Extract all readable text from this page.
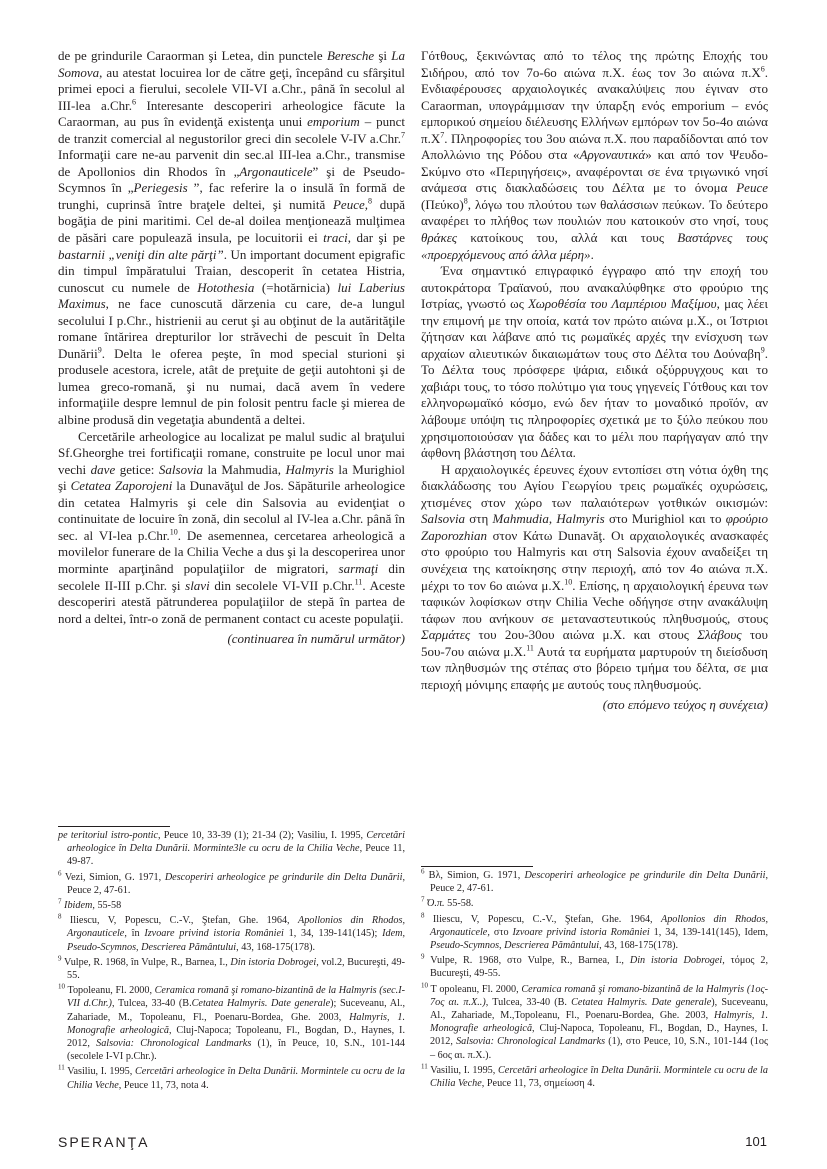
de pe grindurile Caraorman şi Letea, din punctele Beresche şi La Somova, au atestat locuirea lor de către geţi, începând cu sfârşitul primei epoci a fierului, secolele VII-VI a.Chr., până în secolul al III-lea a.Chr.$^6$ Interesante descoperiri arheologice făcute la Caraorman, au pus în evidenţă existenţa unui emporium – punct de tranzit comercial al negustorilor greci din secolele V-IV a.Chr.$^7$ Informaţii care ne-au parvenit din sec.al III-lea a.Chr., transmise de Apollonios din Rhodos în „Argonauticele” şi de Pseudo-Scymnos în „Periegesis ”, fac referire la o insulă în formă de trunghi, cuprinsă între braţele deltei, şi numită Peuce,$^8$ după bogăţia de pini maritimi. Cel de-al doilea menţionează mulţimea de păsări care populează insula, pe locuitorii ei traci, dar şi pe bastarnii „veniţi din alte părţi”. Un important document epigrafic din timpul împăratului Traian, descoperit în cetatea Histria, cunoscut cu numele de Hotothesia (=hotărnicia) lui Laberius Maximus, ne face cunoscută dărzenia cu care, de-a lungul secolului I p.Chr., histrienii au cerut şi au obţinut de la autărităţile romane întărirea drepturilor lor străvechi de pescuit în Delta Dunării$^9$. Delta le oferea peşte, în mod special sturioni şi produsele acestora, icrele, atât de preţuite de geţii autohtoni şi de lumea greco-romană, şi nu numai, dacă avem în vedere informaţiile despre lemnul de pin folosit pentru facle şi mierea de albine produsă din vegetaţia abundentă a deltei.

Cercetările arheologice au localizat pe malul sudic al braţului Sf.Gheorghe trei fortificaţii romane, construite pe locul unor mai vechi dave getice: Salsovia la Mahmudia, Halmyris la Murighiol şi Cetatea Zaporojeni la Dunavăţul de Jos. Săpăturile arheologice din cetatea Halmyris şi cele din Salsovia au evidenţiat o continuitate de locuire în zonă, din secolul al IV-lea a.Chr. până în sec. al VI-lea p.Chr.$^{10}$. De asemennea, cercetarea arheologică a movilelor funerare de la Chilia Veche a dus şi la descoperirea unor morminte aparţinând populaţiilor de migratori, sarmaţi din secolele II-III p.Chr. şi slavi din secolele VI-VII p.Chr.$^{11}$. Aceste descoperiri atestă pătrunderea populaţiilor de stepă în partea de nord a deltei, într-o zonă de permanent contact cu aceste populaţii.

(continuarea în numărul următor)

Γότθους, ξεκινώντας από το τέλος της πρώτης Εποχής του Σιδήρου, από τον 7ο-6ο αιώνα π.Χ. έως τον 3ο αιώνα $\pi.X^6$. Ενδιαφέρουσες αρχαιολογικές ανακαλύψεις που έγιναν στο Caraorman, υπογράμμισαν την ύπαρξη ενός emporium – ενός εμπορικού σημείου διέλευσης Ελλήνων εμπόρων τον 5ο-4ο αιώνα $\pi.X^7$. Πληροφορίες του 3ου αιώνα π.Χ. που παραδίδονται από τον Απολλώνιο της Ρόδου στα «Αργοναυτικά» και από τον Ψευδο-Σκύμνο στο «Περιηγήσεις», αναφέρονται σε ένα τριγωνικό νησί ανάμεσα στις διακλαδώσεις του Δέλτα με το όνομα Peuce $(\Pi\varepsilon ύ\kappa o)^8$, λόγω του πλούτου των θαλάσσιων πεύκων. Το δεύτερο αναφέρει το πλήθος των πουλιών που κατοικούν στο νησί, τους θράκες κατοίκους του, αλλά και τους Βαστάρνες τους «προερχόμενους από άλλα μέρη».

Ένα σημαντικό επιγραφικό έγγραφο από την εποχή του αυτοκράτορα Τραϊανού, που ανακαλύφθηκε στο φρούριο της Ιστρίας, γνωστό ως Χωροθέσία του Λαμπέριου Μαξίμου, μας λέει την επιμονή με την οποία, κατά τον πρώτο αιώνα μ.Χ., οι Ίστριοι ζήτησαν και λάβανε από τις ρωμαϊκές αρχές την ενίσχυση των αρχαίων αλιευτικών δικαιωμάτων τους στο Δέλτα του Δούναβη$^9$. Το Δέλτα τους πρόσφερε ψάρια, ειδικά οξύρρυγχους και το χαβιάρι τους, το τόσο πολύτιμο για τους γηγενείς Γότθους και τον ελληνορωμαϊκό κόσμο, ενώ δεν ήταν το μοναδικό προϊόν, αν λάβουμε υπόψη τις πληροφορίες σχετικά με το ξύλο πεύκου που χρησιμοποιούσαν για δάδες και το μέλι που παρήγαγαν από την άφθονη βλάστηση του Δέλτα.

Η αρχαιολογικές έρευνες έχουν εντοπίσει στη νότια όχθη της διακλάδωσης του Αγίου Γεωργίου τρεις ρωμαϊκές οχυρώσεις, χτισμένες στον χώρο των παλαιότερων γοτθικών οικισμών: Salsovia στη Mahmudia, Halmyris στο Murighiol και το φρούριο Zaporozhian στον Κάτω Dunavăţ. Οι αρχαιολογικές ανασκαφές στο φρούριο του Halmyris και στη Salsovia έχουν αναδείξει τη συνέχεια της κατοίκησης στην περιοχή, από τον 4ο αιώνα π.Χ. μέχρι το τον 6ο αιώνα μ.Χ.$^{10}$. Επίσης, η αρχαιολογική έρευνα των ταφικών λοφίσκων στην Chilia Veche οδήγησε στην ανακάλυψη τάφων που ανήκουν σε μεταναστευτικούς πληθυσμούς, στους Σαρμάτες του 2ου-30ου αιώνα μ.Χ. και στους Σλάβους του 5ου-7ου αιώνα μ.Χ.$^{11}$ Αυτά τα ευρήματα μαρτυρούν τη διείσδυση των πληθυσμών της στέπας στο βόρειο τμήμα του δέλτα, σε μια περιοχή μόνιμης επαφής με αυτούς τους πληθυσμούς.

(στο επόμενο τεύχος η συνέχεια)

pe teritoriul istro-pontic, Peuce 10, 33-39 (1); 21-34 (2); Vasiliu, I. 1995, Cercetări arheologice în Delta Dunării. Morminte3le cu ocru de la Chilia Veche, Peuce 11, 49-87.

$^6$ Vezi, Simion, G. 1971, Descoperiri arheologice pe grindurile din Delta Dunării, Peuce 2, 47-61.

$^7$ Ibidem, 55-58

$^8$ Iliescu, V, Popescu, C.-V., Ştefan, Ghe. 1964, Apollonios din Rhodos, Argonauticele, în Izvoare privind istoria României 1, 34, 139-141(145); Idem, Pseudo-Scymnos, Descrierea Pământului, 43, 168-175(178).

$^9$ Vulpe, R. 1968, în Vulpe, R., Barnea, I., Din istoria Dobrogei, vol.2, Bucureşti, 49-55.

$^{10}$ Topoleanu, Fl. 2000, Ceramica romană şi romano-bizantină de la Halmyris (sec.I-VII d.Chr.), Tulcea, 33-40 (B.Cetatea Halmyris. Date generale); Suceveanu, Al., Zahariade, M., Topoleanu, Fl., Poenaru-Bordea, Ghe. 2003, Halmyris, 1. Monografie arheologică, Cluj-Napoca; Topoleanu, Fl., Bogdan, D., Haynes, I. 2012, Salsovia: Chronological Landmarks (1), în Peuce, 10, S.N., 101-144 (secolele I-VI p.Chr.).

$^{11}$ Vasiliu, I. 1995, Cercetări arheologice în Delta Dunării. Mormintele cu ocru de la Chilia Veche, Peuce 11, 73, nota 4.

$^6$ Βλ, Simion, G. 1971, Descoperiri arheologice pe grindurile din Delta Dunării, Peuce 2, 47-61.

$^7$ Ό.π. 55-58.

$^8$ Iliescu, V, Popescu, C.-V., Ştefan, Ghe. 1964, Apollonios din Rhodos, Argonauticele, στο Izvoare privind istoria României 1, 34, 139-141(145), Idem, Pseudo-Scymnos, Descrierea Pământului, 43, 168-175(178).

$^9$ Vulpe, R. 1968, στο Vulpe, R., Barnea, I., Din istoria Dobrogei, τόμος 2, Bucureşti, 49-55.

$^{10}$ T opoleanu, Fl. 2000, Ceramica romană şi romano-bizantină de la Halmyris (1ος- 7ος αι. π.Χ..), Tulcea, 33-40 (B. Cetatea Halmyris. Date generale), Suceveanu, Al., Zahariade, M.,Topoleanu, Fl., Poenaru-Bordea, Ghe. 2003, Halmyris, 1. Monografie arheologică, Cluj-Napoca, Topoleanu, Fl., Bogdan, D., Haynes, I. 2012, Salsovia: Chronological Landmarks (1), στο Peuce, 10, S.N., 101-144 (1ος – 6ος αι. π.Χ.).

$^{11}$ Vasiliu, I. 1995, Cercetări arheologice în Delta Dunării. Mormintele cu ocru de la Chilia Veche, Peuce 11, 73, σημείωση 4.

SPERANŢA	101
